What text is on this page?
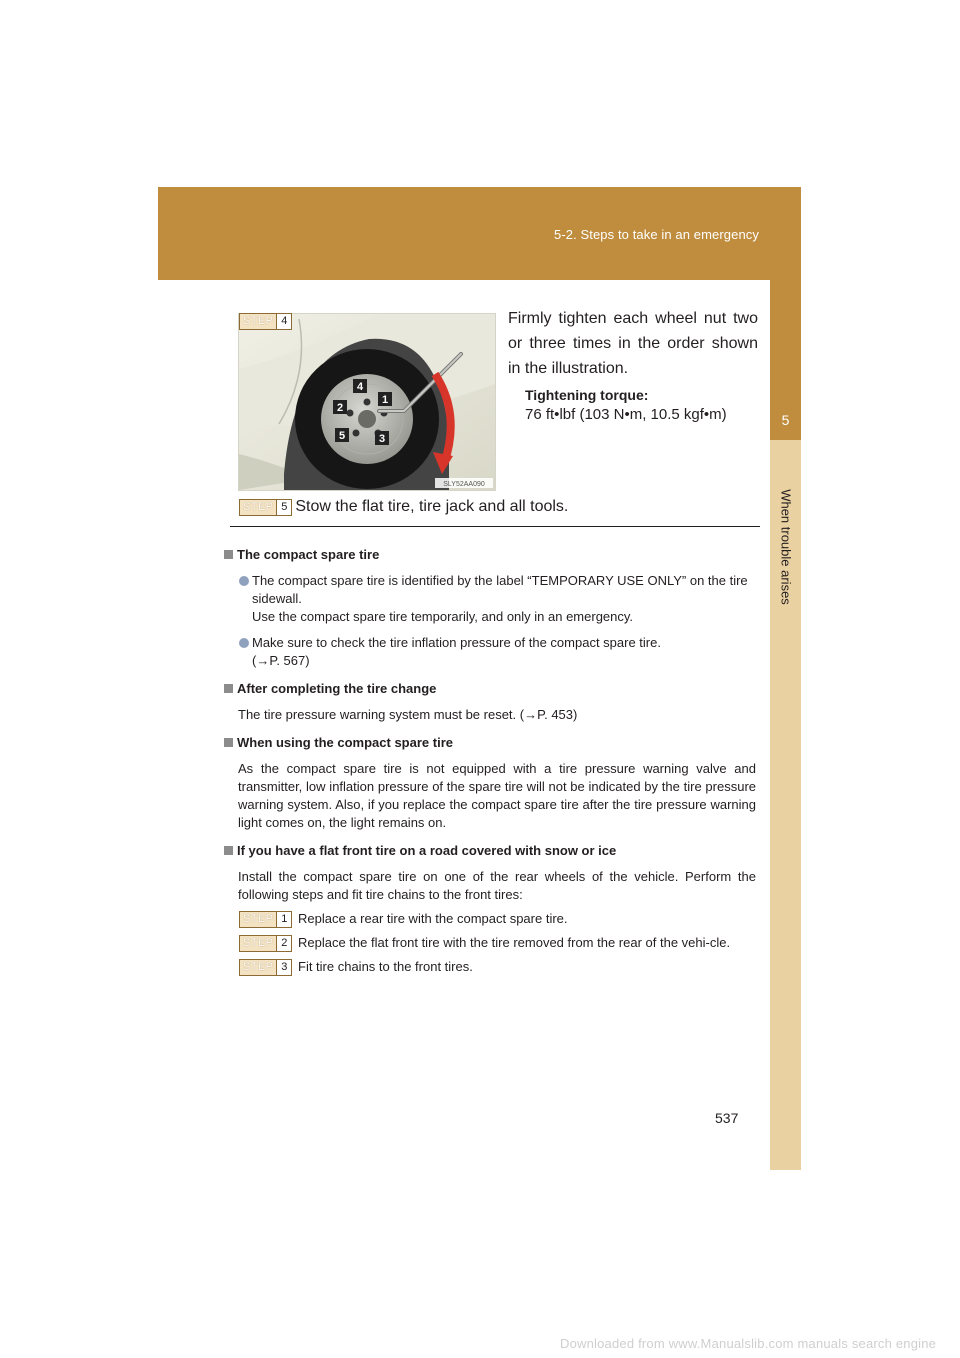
5-2. Steps to take in an emergency
5
When trouble arises
4
1
2
5	3
SLY52AA090
STEP 4	Firmly tighten each wheel nut two or three times in the order shown in the illustration.
Tightening torque:
76 ft•lbf (103 N•m, 10.5 kgf•m)
STEP 5 Stow the flat tire, tire jack and all tools.

The compact spare tire

The compact spare tire is identified by the label “TEMPORARY USE ONLY” on the tire sidewall.
Use the compact spare tire temporarily, and only in an emergency.

Make sure to check the tire inflation pressure of the compact spare tire.
(→P. 567)

After completing the tire change

The tire pressure warning system must be reset. (→P. 453)

When using the compact spare tire

As the compact spare tire is not equipped with a tire pressure warning valve and transmitter, low inflation pressure of the spare tire will not be indicated by the tire pressure warning system. Also, if you replace the compact spare tire after the tire pressure warning light comes on, the light remains on.

If you have a flat front tire on a road covered with snow or ice

Install the compact spare tire on one of the rear wheels of the vehicle. Perform the following steps and fit tire chains to the front tires:

STEP 1 Replace a rear tire with the compact spare tire.

STEP 2 Replace the flat front tire with the tire removed from the rear of the vehi-cle.

STEP 3 Fit tire chains to the front tires.

537
Downloaded from www.Manualslib.com manuals search engine
